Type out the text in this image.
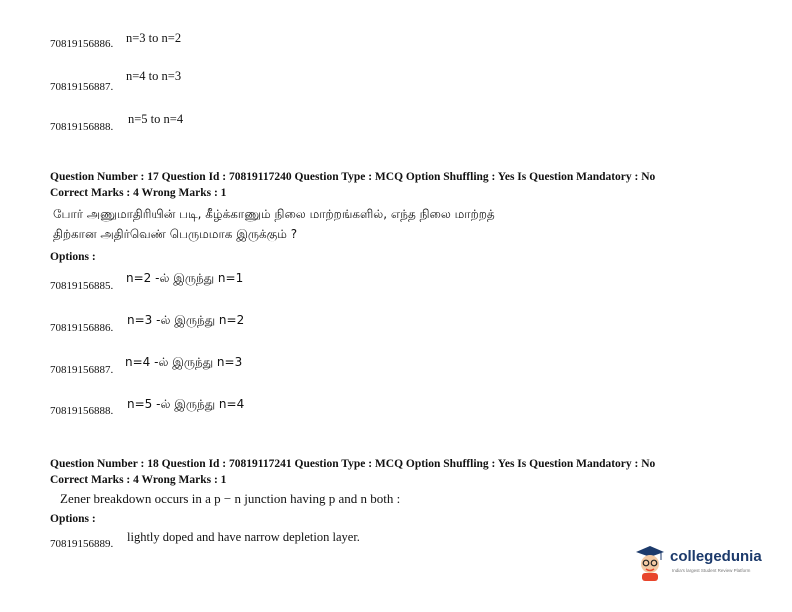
70819156886. n=3 to n=2
70819156887.
n=4 to n=3
70819156888.
n=5 to n=4
Question Number : 17 Question Id : 70819117240 Question Type : MCQ Option Shuffling : Yes Is Question Mandatory : No
Correct Marks : 4 Wrong Marks : 1
போர் அணுமாதிரியின் படி, கீழ்க்காணும் நிலை மாற்றங்களில், எந்த நிலை மாற்றத்
திற்கான அதிர்வெண் பெருமமாக இருக்கும் ?
Options :
70819156885.
n=2 -ல் இருந்து n=1
70819156886.
n=3 -ல் இருந்து n=2
70819156887.
n=4 -ல் இருந்து n=3
70819156888. n=5 -ல் இருந்து n=4
Question Number : 18 Question Id : 70819117241 Question Type : MCQ Option Shuffling : Yes Is Question Mandatory : No
Correct Marks : 4 Wrong Marks : 1
Zener breakdown occurs in a p − n junction having p and n both :
Options :
70819156889. lightly doped and have narrow depletion layer.
collegedunia
India's largest Student Review Platform
